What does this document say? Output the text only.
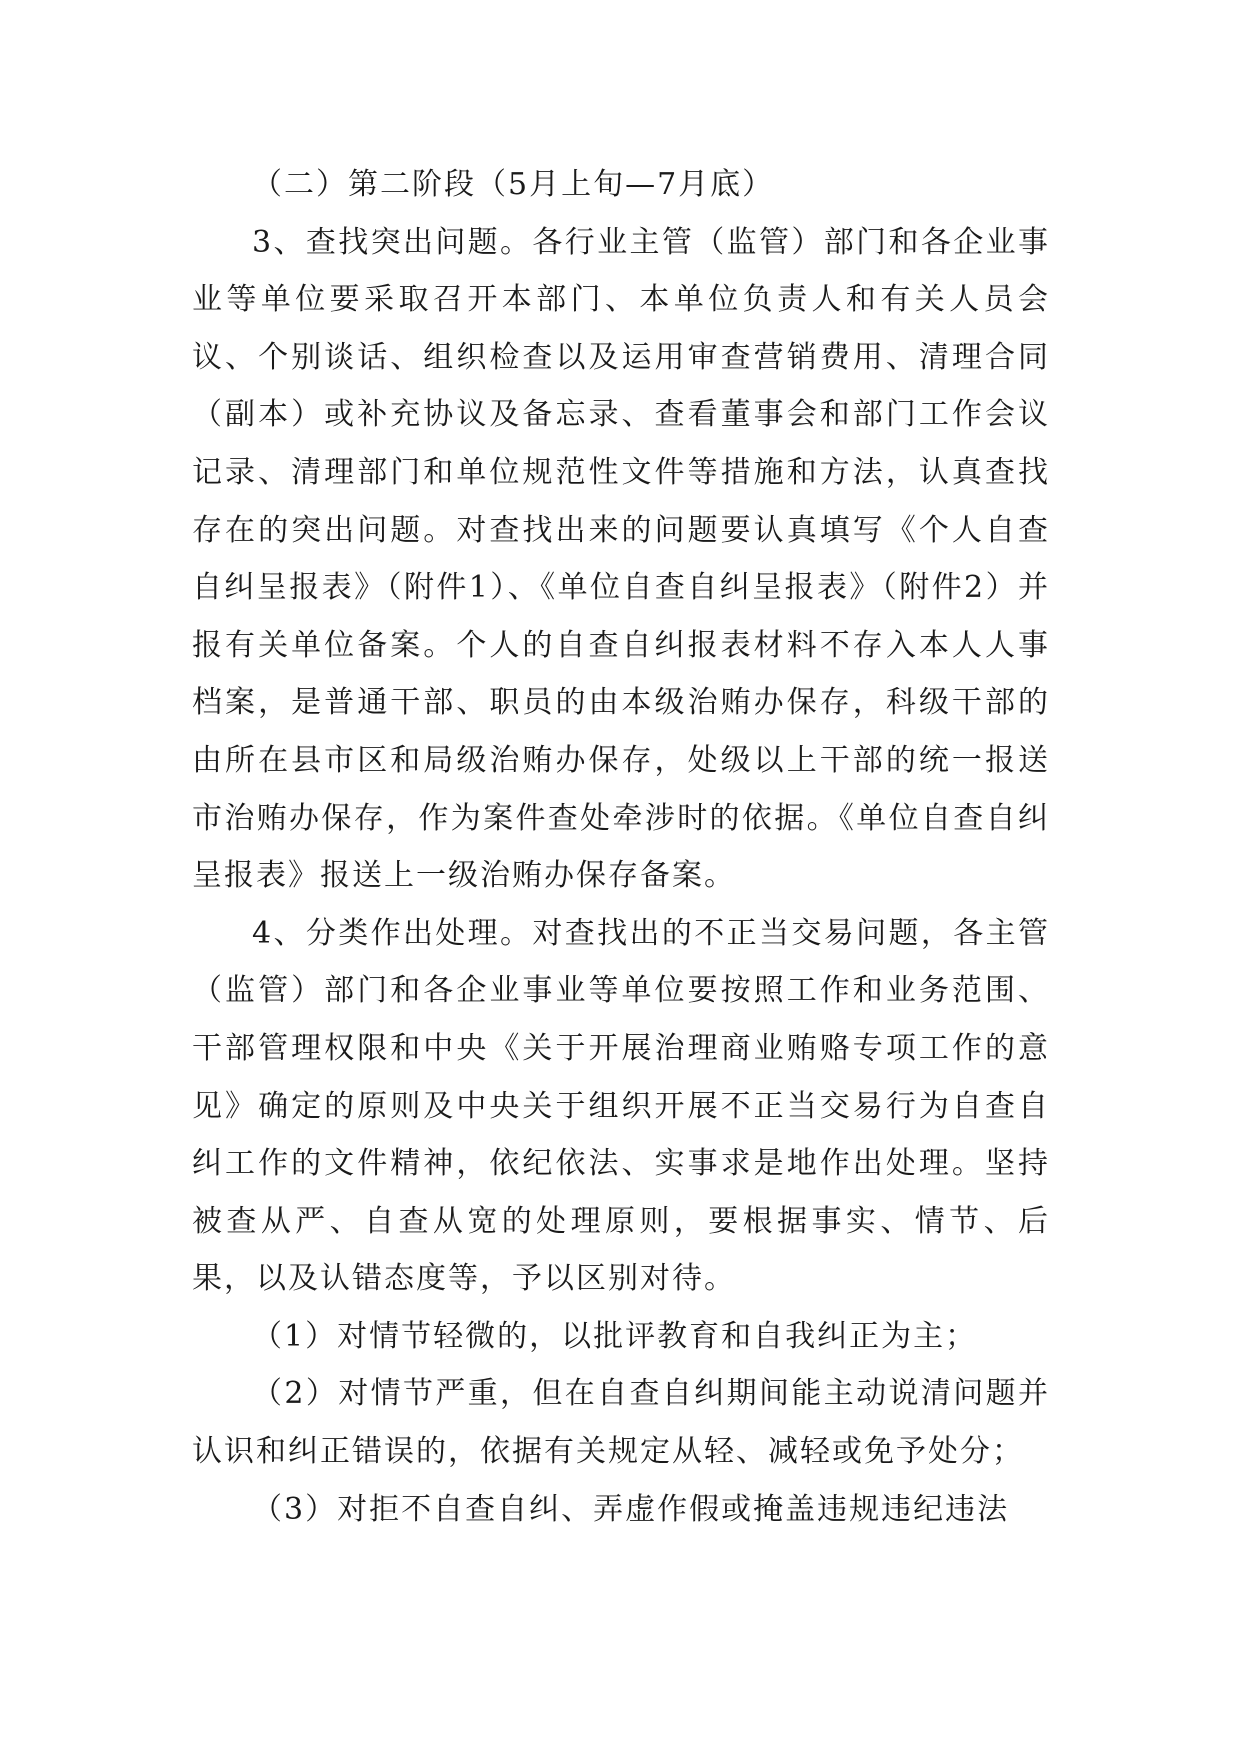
（二）第二阶段（5月上旬—7月底）

3、查找突出问题。各行业主管（监管）部门和各企业事业等单位要采取召开本部门、本单位负责人和有关人员会议、个别谈话、组织检查以及运用审查营销费用、清理合同（副本）或补充协议及备忘录、查看董事会和部门工作会议记录、清理部门和单位规范性文件等措施和方法，认真查找存在的突出问题。对查找出来的问题要认真填写《个人自查自纠呈报表》（附件1）、《单位自查自纠呈报表》（附件2）并报有关单位备案。个人的自查自纠报表材料不存入本人人事档案，是普通干部、职员的由本级治贿办保存，科级干部的由所在县市区和局级治贿办保存，处级以上干部的统一报送市治贿办保存，作为案件查处牵涉时的依据。《单位自查自纠呈报表》报送上一级治贿办保存备案。

4、分类作出处理。对查找出的不正当交易问题，各主管（监管）部门和各企业事业等单位要按照工作和业务范围、干部管理权限和中央《关于开展治理商业贿赂专项工作的意见》确定的原则及中央关于组织开展不正当交易行为自查自纠工作的文件精神，依纪依法、实事求是地作出处理。坚持被查从严、自查从宽的处理原则，要根据事实、情节、后果，以及认错态度等，予以区别对待。

（1）对情节轻微的，以批评教育和自我纠正为主；

（2）对情节严重，但在自查自纠期间能主动说清问题并认识和纠正错误的，依据有关规定从轻、减轻或免予处分；

（3）对拒不自查自纠、弄虚作假或掩盖违规违纪违法
